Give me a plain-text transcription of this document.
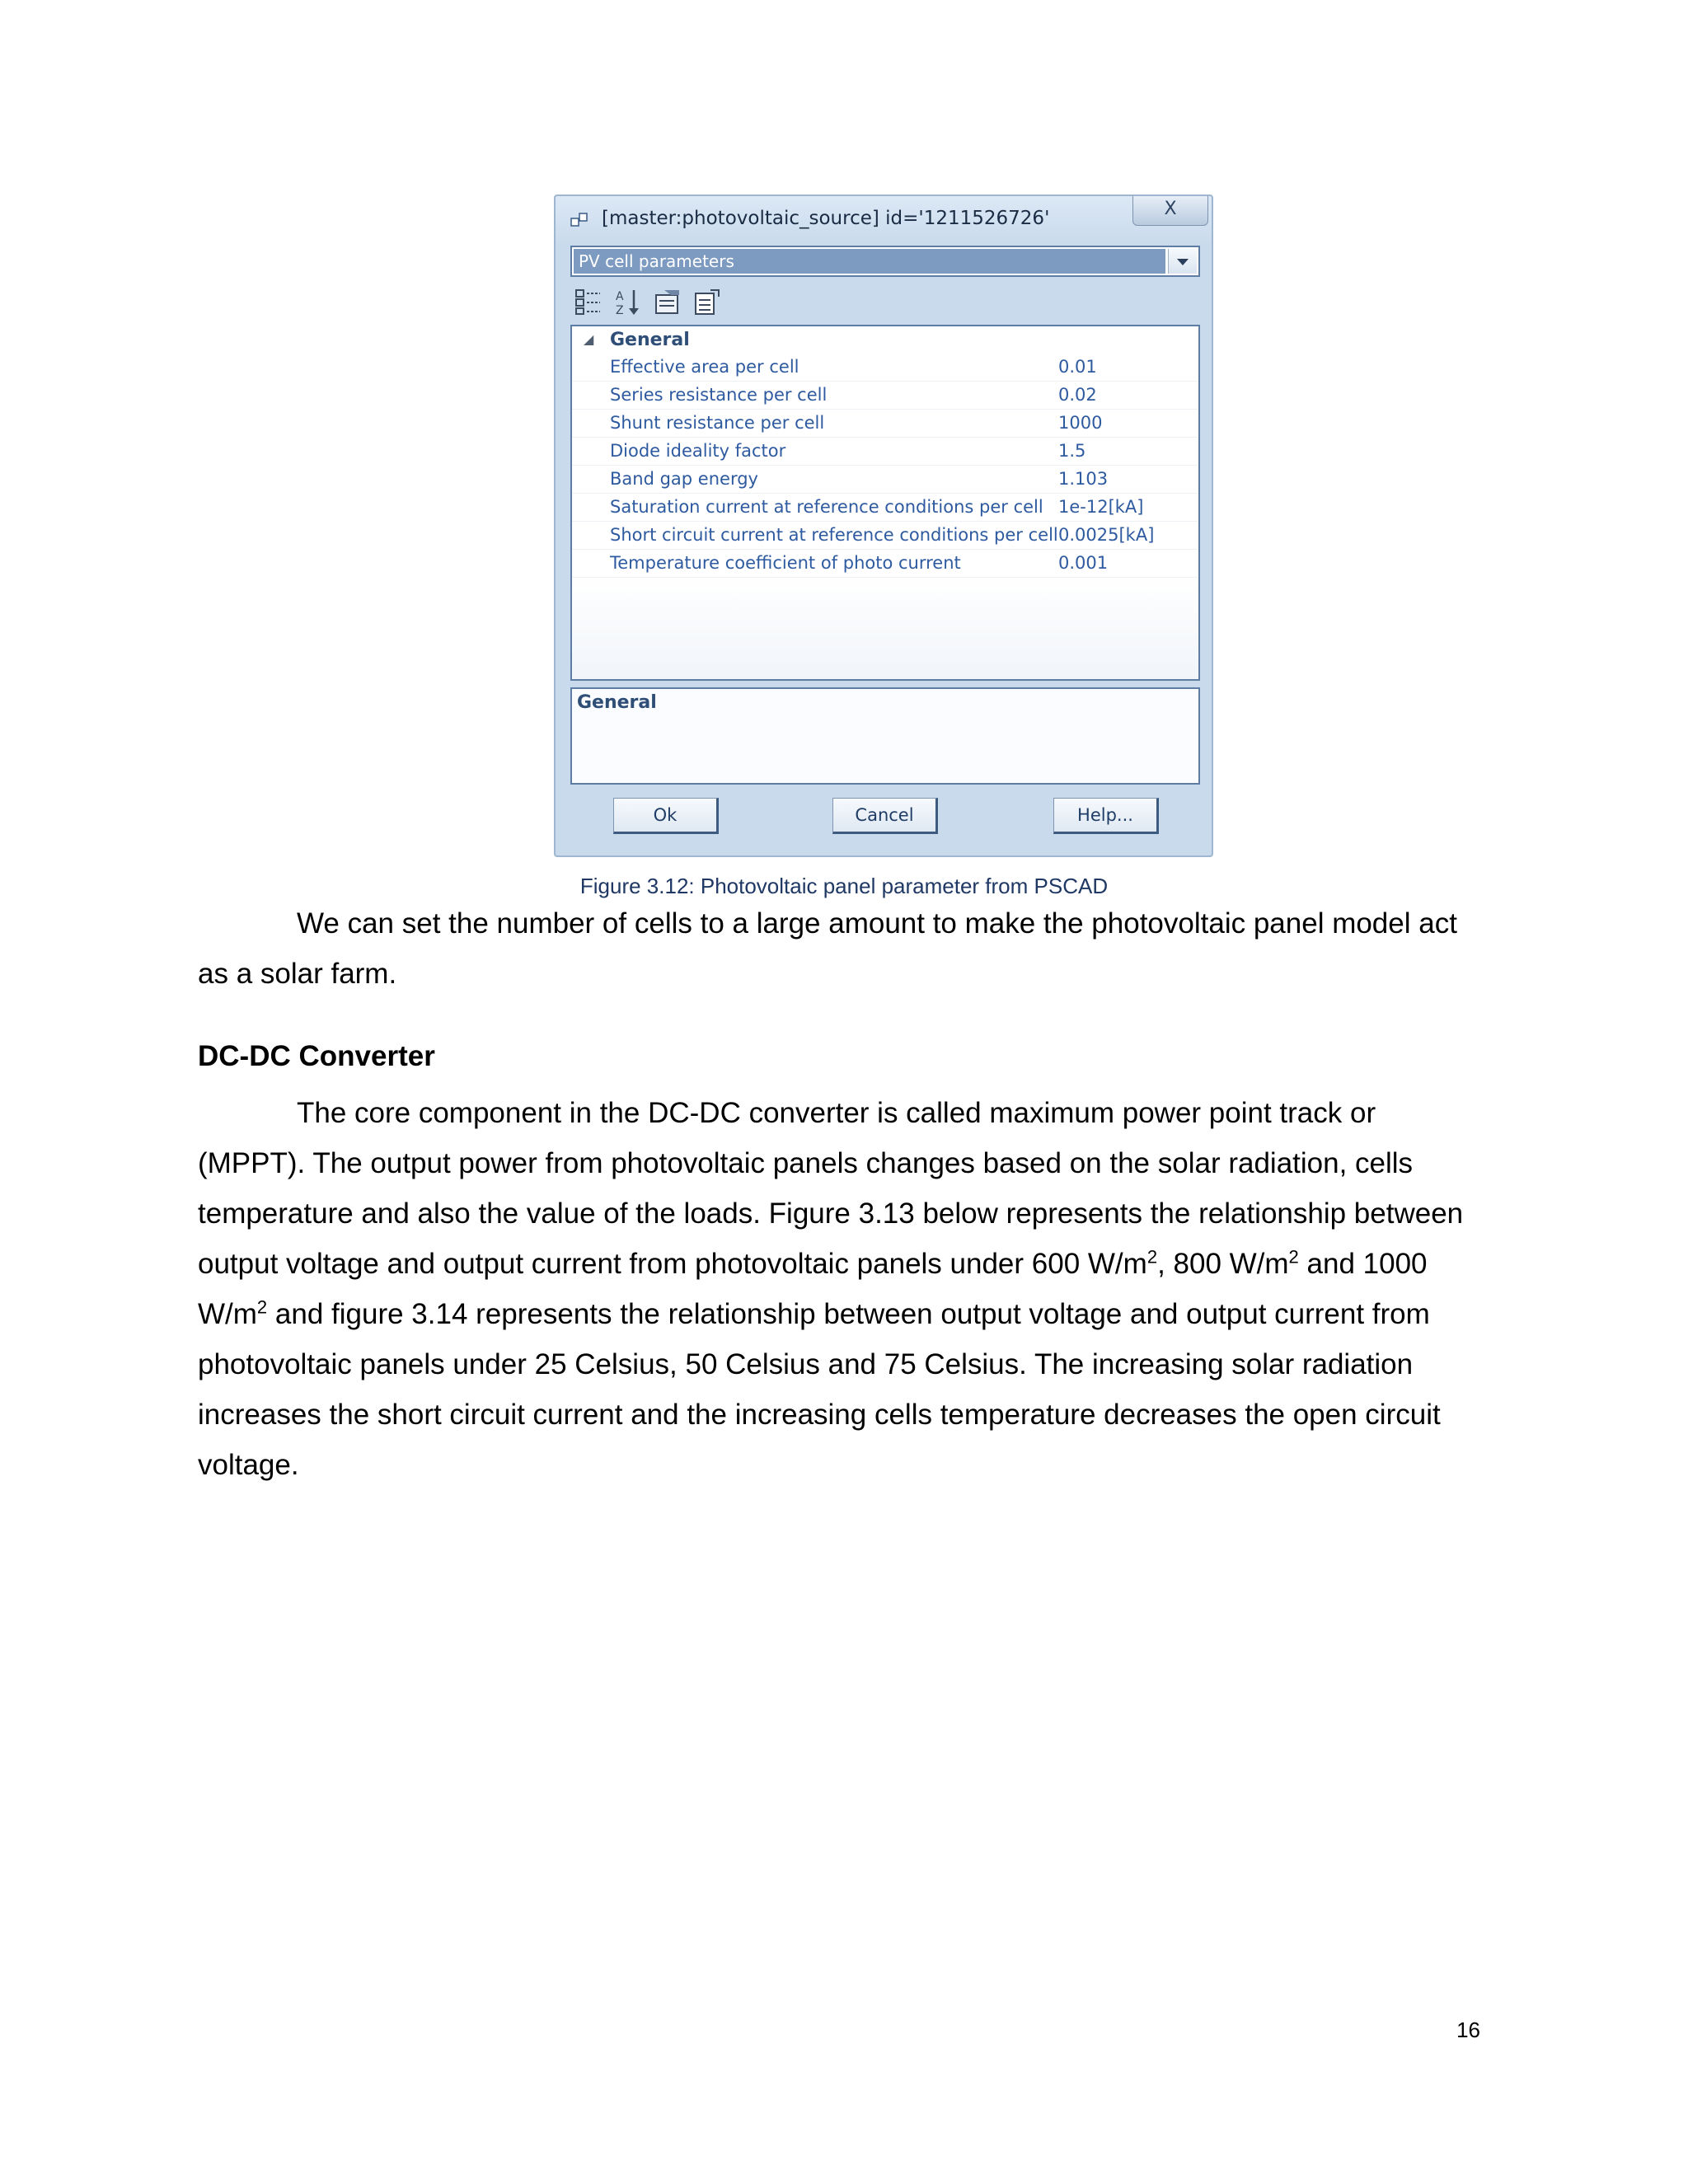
[master:photovoltaic_source] id='1211526726'	X
PV cell parameters
A
Z
◢ General
Effective area per cell	0.01
Series resistance per cell	0.02
Shunt resistance per cell	1000
Diode ideality factor	1.5
Band gap energy	1.103
Saturation current at reference conditions per cell 1e-12[kA]
Short circuit current at reference conditions per cell 0.0025[kA]
Temperature coefficient of photo current	0.001
General
Ok	Cancel	Help...
Figure 3.12: Photovoltaic panel parameter from PSCAD
We can set the number of cells to a large amount to make the photovoltaic panel model act as a solar farm.
DC-DC Converter
The core component in the DC-DC converter is called maximum power point track or (MPPT). The output power from photovoltaic panels changes based on the solar radiation, cells temperature and also the value of the loads. Figure 3.13 below represents the relationship between output voltage and output current from photovoltaic panels under 600 $W/m^2$, 800 $W/m^2$ and 1000 $W/m^2$ and figure 3.14 represents the relationship between output voltage and output current from photovoltaic panels under 25 Celsius, 50 Celsius and 75 Celsius. The increasing solar radiation increases the short circuit current and the increasing cells temperature decreases the open circuit voltage.
16
